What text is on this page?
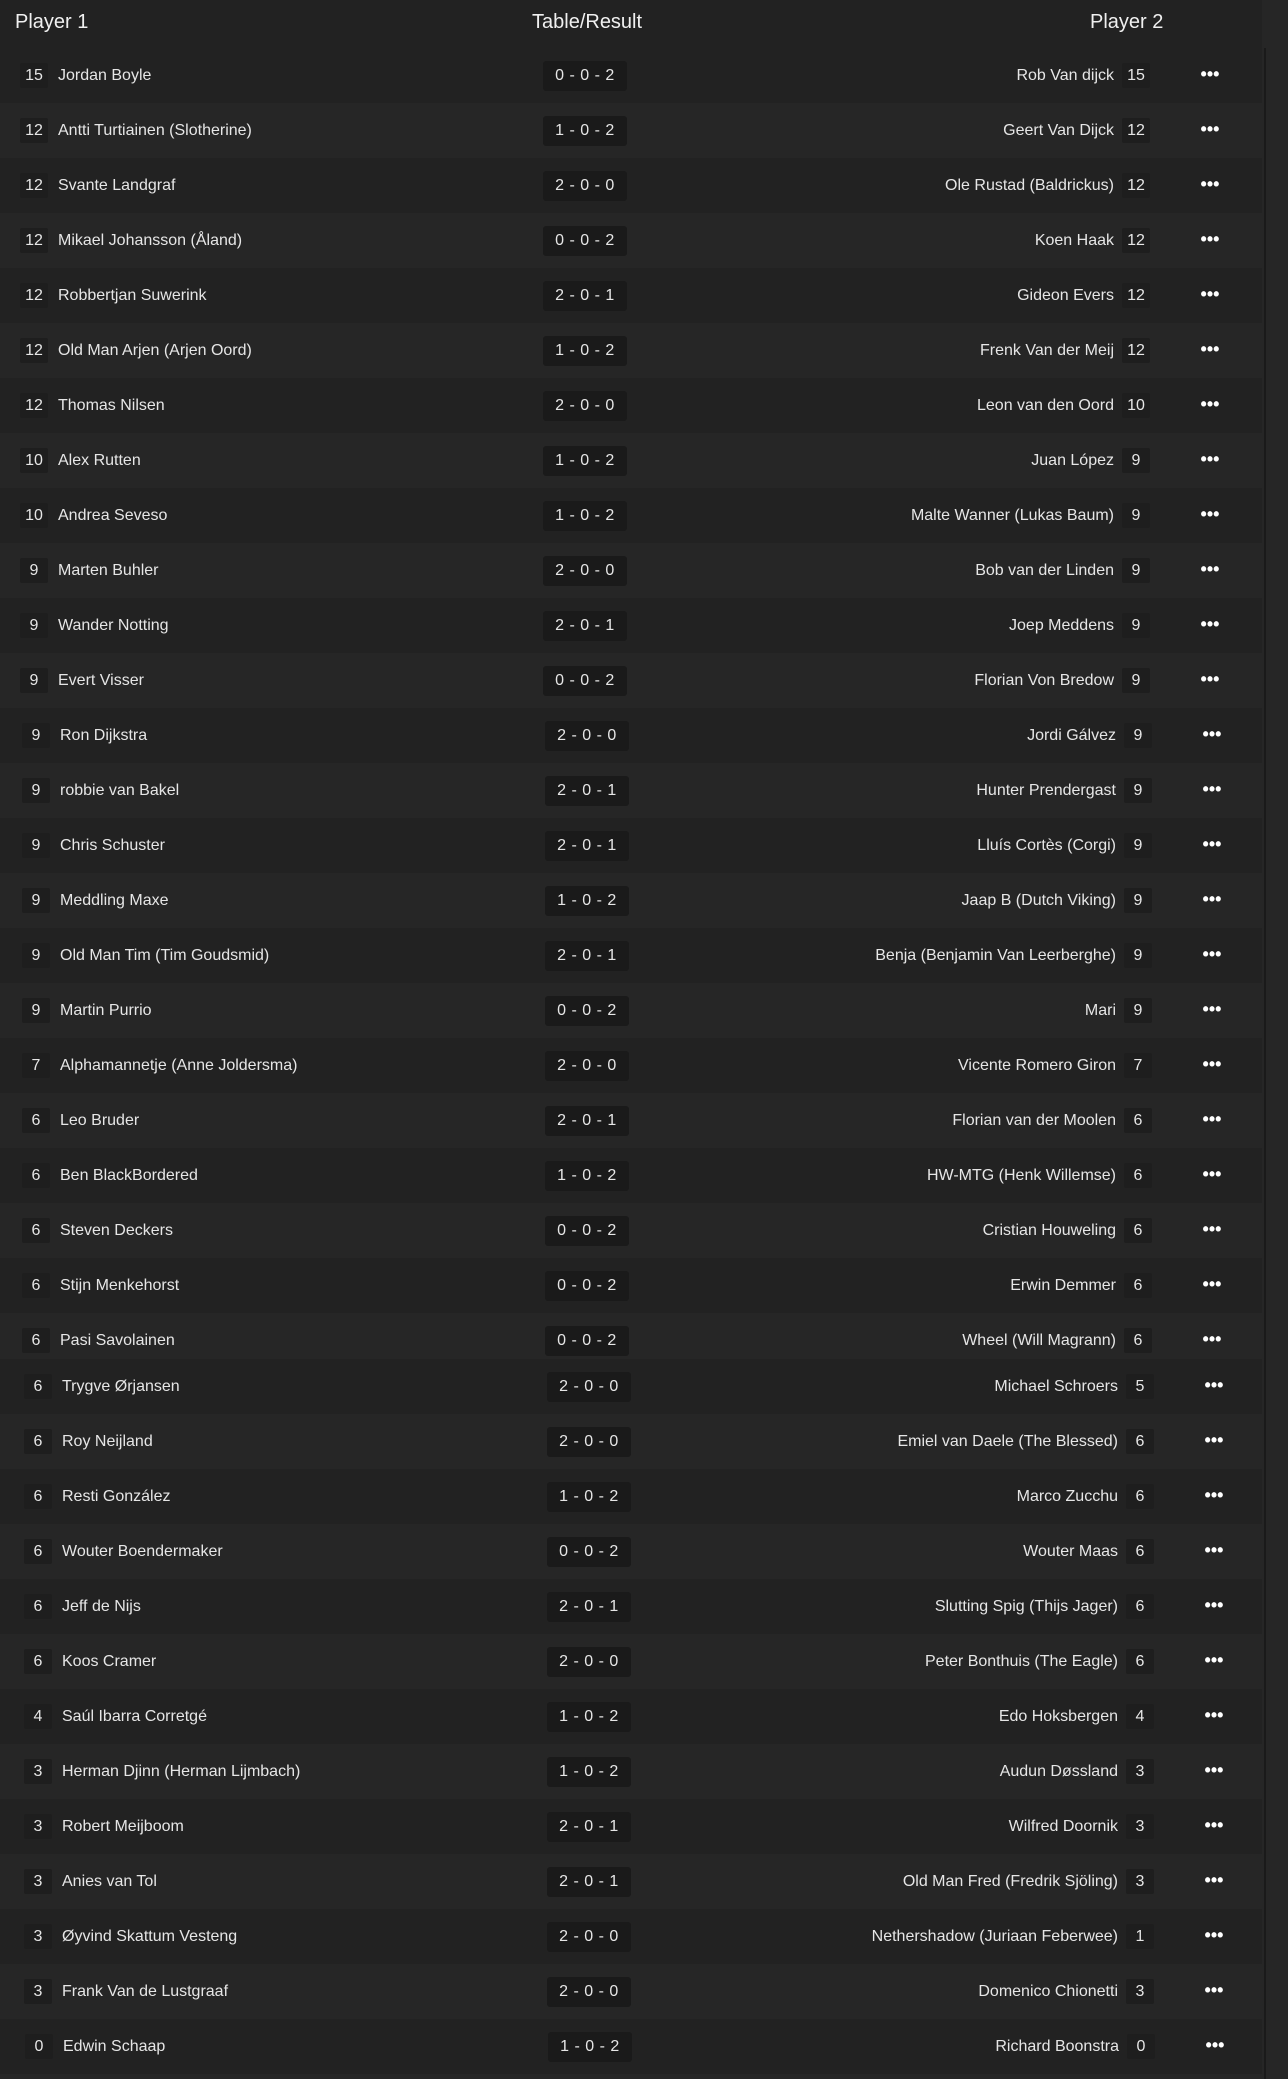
Player 1	Table/Result	Player 2
15 Jordan Boyle	0 - 0 - 2	Rob Van dijck 15	•••
12 Antti Turtiainen (Slotherine)	1 - 0 - 2	Geert Van Dijck 12	•••
12 Svante Landgraf	2 - 0 - 0	Ole Rustad (Baldrickus) 12	•••
12 Mikael Johansson (Åland)	0 - 0 - 2	Koen Haak 12	•••
12 Robbertjan Suwerink	2 - 0 - 1	Gideon Evers 12	•••
12 Old Man Arjen (Arjen Oord)	1 - 0 - 2	Frenk Van der Meij 12	•••
12 Thomas Nilsen	2 - 0 - 0	Leon van den Oord 10	•••
10 Alex Rutten	1 - 0 - 2	Juan López	9	•••
10 Andrea Seveso	1 - 0 - 2	Malte Wanner (Lukas Baum)	9	•••
9	Marten Buhler	2 - 0 - 0	Bob van der Linden	9	•••
9	Wander Notting	2 - 0 - 1	Joep Meddens	9	•••
9	Evert Visser	0 - 0 - 2	Florian Von Bredow	9	•••
9	Ron Dijkstra	2 - 0 - 0	Jordi Gálvez	9	•••
9	robbie van Bakel	2 - 0 - 1	Hunter Prendergast	9	•••
9	Chris Schuster	2 - 0 - 1	Lluís Cortès (Corgi)	9	•••
9	Meddling Maxe	1 - 0 - 2	Jaap B (Dutch Viking)	9	•••
9	Old Man Tim (Tim Goudsmid)	2 - 0 - 1	Benja (Benjamin Van Leerberghe)	9	•••
9	Martin Purrio	0 - 0 - 2	Mari	9	•••
7	Alphamannetje (Anne Joldersma)	2 - 0 - 0	Vicente Romero Giron	7	•••
6	Leo Bruder	2 - 0 - 1	Florian van der Moolen	6	•••
6	Ben BlackBordered	1 - 0 - 2	HW-MTG (Henk Willemse)	6	•••
6	Steven Deckers	0 - 0 - 2	Cristian Houweling	6	•••
6	Stijn Menkehorst	0 - 0 - 2	Erwin Demmer	6	•••
6	Pasi Savolainen	0 - 0 - 2	Wheel (Will Magrann)	6	•••
6	Trygve Ørjansen	2 - 0 - 0	Michael Schroers	5	•••
6	Roy Neijland	2 - 0 - 0	Emiel van Daele (The Blessed)	6	•••
6	Resti González	1 - 0 - 2	Marco Zucchu	6	•••
6	Wouter Boendermaker	0 - 0 - 2	Wouter Maas	6	•••
6	Jeff de Nijs	2 - 0 - 1	Slutting Spig (Thijs Jager)	6	•••
6	Koos Cramer	2 - 0 - 0	Peter Bonthuis (The Eagle)	6	•••
4	Saúl Ibarra Corretgé	1 - 0 - 2	Edo Hoksbergen	4	•••
3	Herman Djinn (Herman Lijmbach)	1 - 0 - 2	Audun Døssland	3	•••
3	Robert Meijboom	2 - 0 - 1	Wilfred Doornik	3	•••
3	Anies van Tol	2 - 0 - 1	Old Man Fred (Fredrik Sjöling)	3	•••
3	Øyvind Skattum Vesteng	2 - 0 - 0	Nethershadow (Juriaan Feberwee)	1	•••
3	Frank Van de Lustgraaf	2 - 0 - 0	Domenico Chionetti	3	•••
0	Edwin Schaap	1 - 0 - 2	Richard Boonstra	0	•••
